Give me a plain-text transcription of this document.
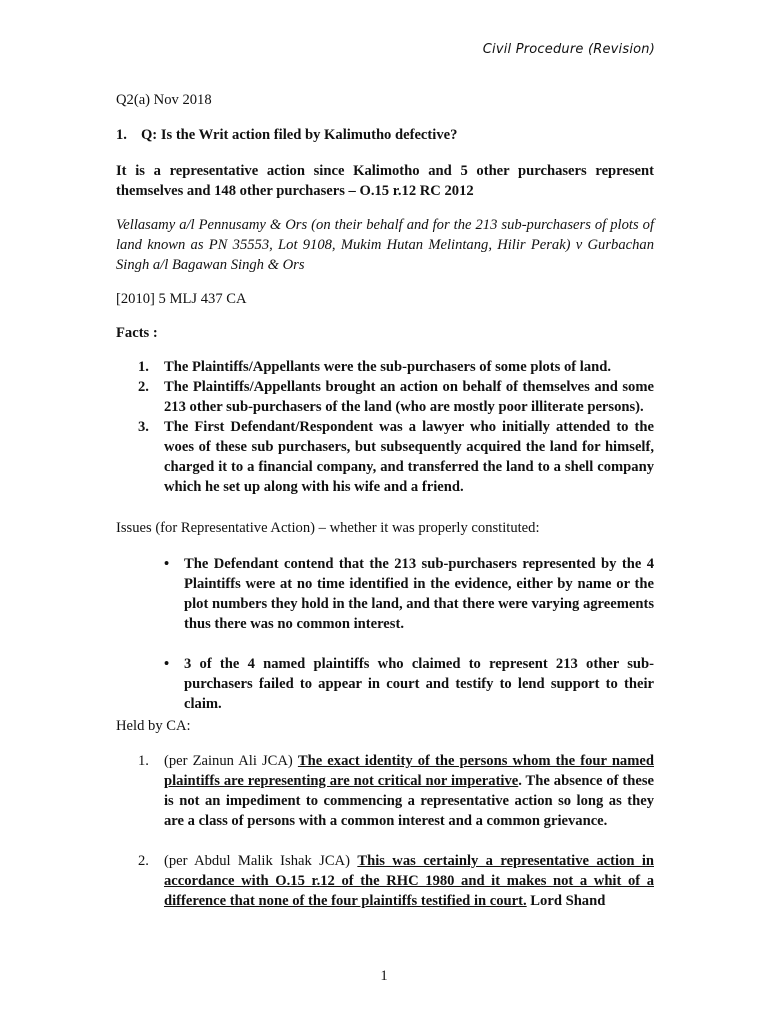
Civil Procedure (Revision)
Q2(a) Nov 2018
1. Q: Is the Writ action filed by Kalimutho defective?
It is a representative action since Kalimotho and 5 other purchasers represent themselves and 148 other purchasers – O.15 r.12 RC 2012
Vellasamy a/l Pennusamy & Ors (on their behalf and for the 213 sub-purchasers of plots of land known as PN 35553, Lot 9108, Mukim Hutan Melintang, Hilir Perak) v Gurbachan Singh a/l Bagawan Singh & Ors
[2010] 5 MLJ 437 CA
Facts :
1. The Plaintiffs/Appellants were the sub-purchasers of some plots of land.
2. The Plaintiffs/Appellants brought an action on behalf of themselves and some 213 other sub-purchasers of the land (who are mostly poor illiterate persons).
3. The First Defendant/Respondent was a lawyer who initially attended to the woes of these sub purchasers, but subsequently acquired the land for himself, charged it to a financial company, and transferred the land to a shell company which he set up along with his wife and a friend.
Issues (for Representative Action) – whether it was properly constituted:
• The Defendant contend that the 213 sub-purchasers represented by the 4 Plaintiffs were at no time identified in the evidence, either by name or the plot numbers they hold in the land, and that there were varying agreements thus there was no common interest.
• 3 of the 4 named plaintiffs who claimed to represent 213 other sub-purchasers failed to appear in court and testify to lend support to their claim.
Held by CA:
1. (per Zainun Ali JCA) The exact identity of the persons whom the four named plaintiffs are representing are not critical nor imperative. The absence of these is not an impediment to commencing a representative action so long as they are a class of persons with a common interest and a common grievance.
2. (per Abdul Malik Ishak JCA) This was certainly a representative action in accordance with O.15 r.12 of the RHC 1980 and it makes not a whit of a difference that none of the four plaintiffs testified in court. Lord Shand
1
